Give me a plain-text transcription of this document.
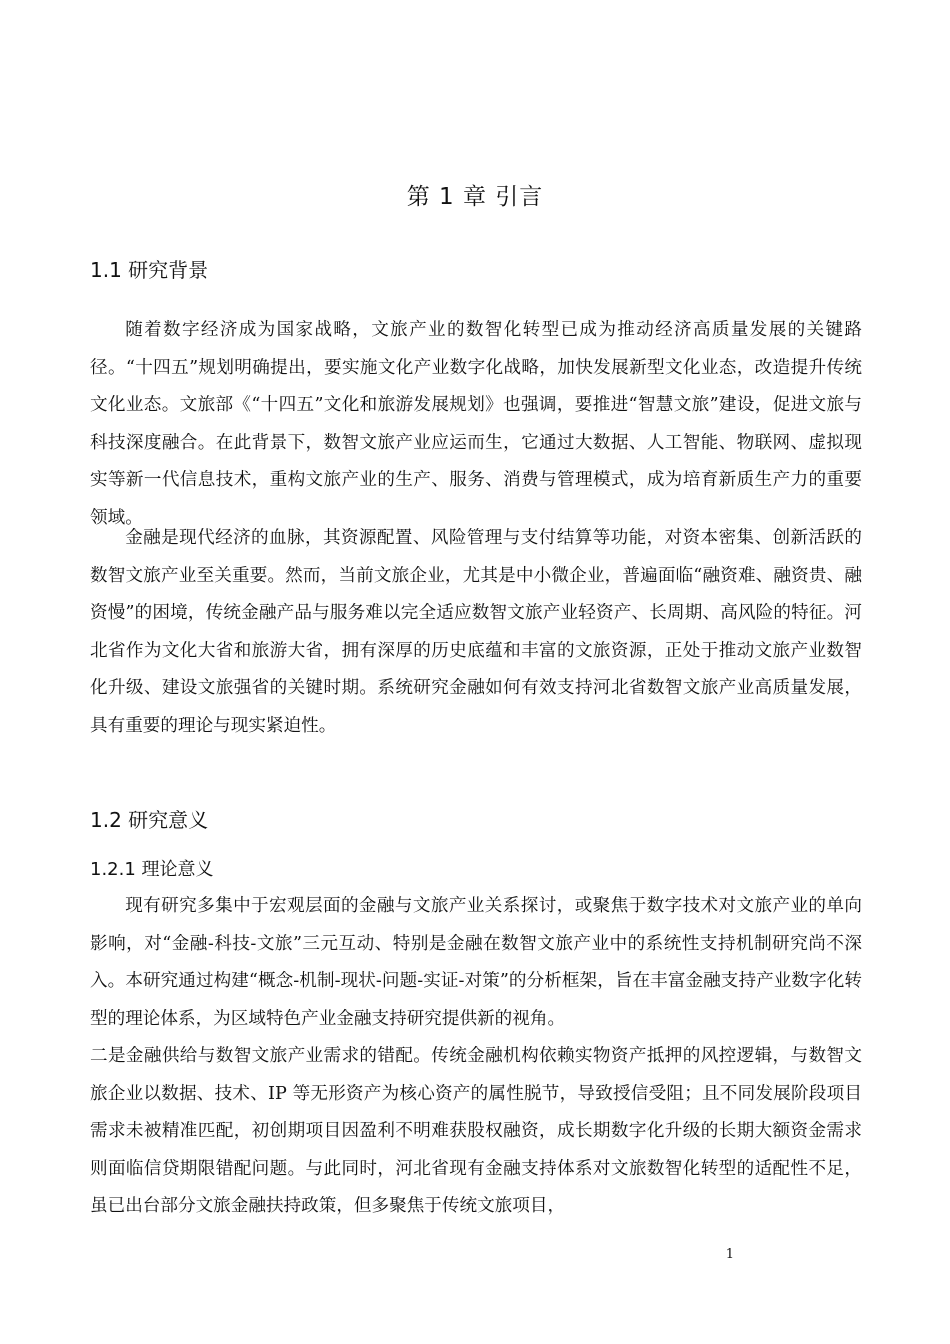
第 1 章 引言
1.1 研究背景

随着数字经济成为国家战略，文旅产业的数智化转型已成为推动经济高质量发展的关键路径。“十四五”规划明确提出，要实施文化产业数字化战略，加快发展新型文化业态，改造提升传统文化业态。文旅部《“十四五”文化和旅游发展规划》也强调，要推进“智慧文旅”建设，促进文旅与科技深度融合。在此背景下，数智文旅产业应运而生，它通过大数据、人工智能、物联网、虚拟现实等新一代信息技术，重构文旅产业的生产、服务、消费与管理模式，成为培育新质生产力的重要领域。

金融是现代经济的血脉，其资源配置、风险管理与支付结算等功能，对资本密集、创新活跃的数智文旅产业至关重要。然而，当前文旅企业，尤其是中小微企业，普遍面临“融资难、融资贵、融资慢”的困境，传统金融产品与服务难以完全适应数智文旅产业轻资产、长周期、高风险的特征。河北省作为文化大省和旅游大省，拥有深厚的历史底蕴和丰富的文旅资源，正处于推动文旅产业数智化升级、建设文旅强省的关键时期。系统研究金融如何有效支持河北省数智文旅产业高质量发展，具有重要的理论与现实紧迫性。

1.2 研究意义
1.2.1 理论意义

现有研究多集中于宏观层面的金融与文旅产业关系探讨，或聚焦于数字技术对文旅产业的单向影响，对“金融-科技-文旅”三元互动、特别是金融在数智文旅产业中的系统性支持机制研究尚不深入。本研究通过构建“概念-机制-现状-问题-实证-对策”的分析框架，旨在丰富金融支持产业数字化转型的理论体系，为区域特色产业金融支持研究提供新的视角。

二是金融供给与数智文旅产业需求的错配。传统金融机构依赖实物资产抵押的风控逻辑，与数智文旅企业以数据、技术、IP 等无形资产为核心资产的属性脱节，导致授信受阻；且不同发展阶段项目需求未被精准匹配，初创期项目因盈利不明难获股权融资，成长期数字化升级的长期大额资金需求则面临信贷期限错配问题。与此同时，河北省现有金融支持体系对文旅数智化转型的适配性不足，虽已出台部分文旅金融扶持政策，但多聚焦于传统文旅项目，

1
